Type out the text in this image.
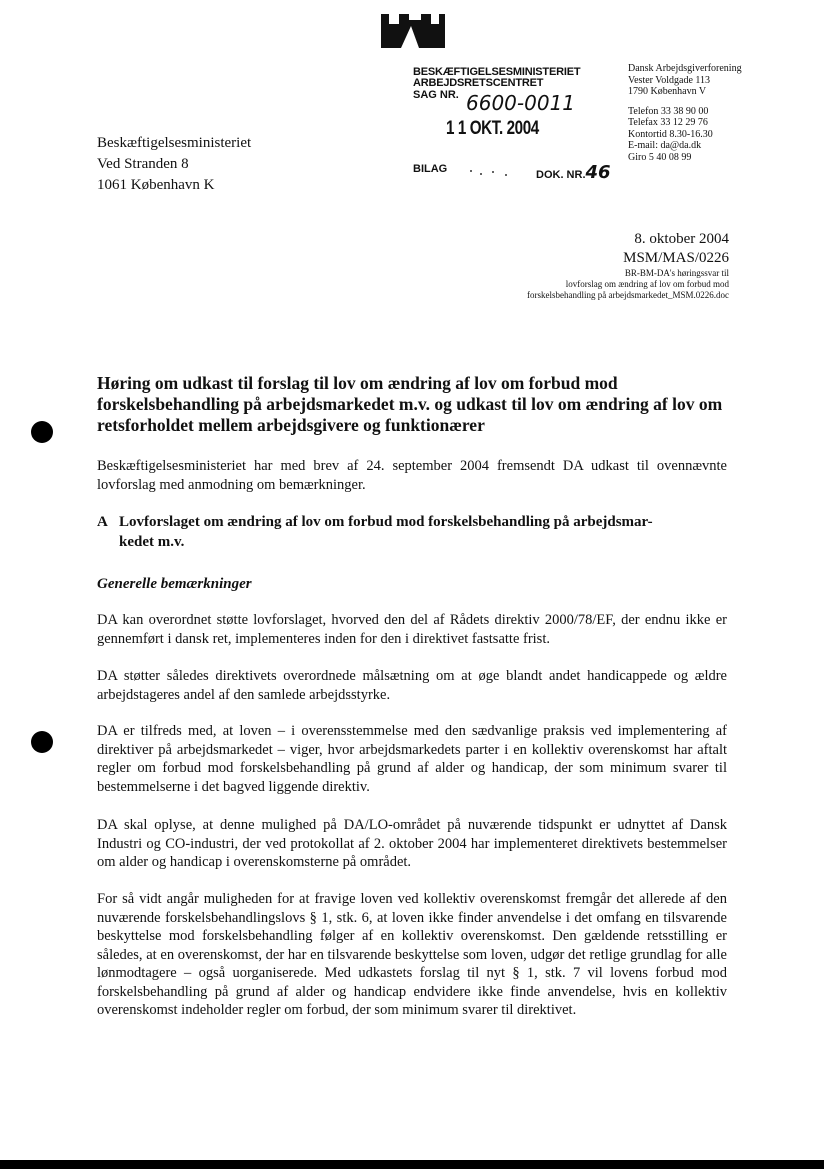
BESKÆFTIGELSESMINISTERIET
ARBEJDSRETSCENTRET
SAG NR. 6600-0011
1 1 OKT. 2004
BILAG	DOK. NR.46
Dansk Arbejdsgiverforening
Vester Voldgade 113
1790 København V
Telefon 33 38 90 00
Telefax 33 12 29 76
Kontortid 8.30-16.30
E-mail: da@da.dk
Giro 5 40 08 99
Beskæftigelsesministeriet
Ved Stranden 8
1061 København K
8. oktober 2004
MSM/MAS/0226
BR-BM-DA's høringssvar til
lovforslag om ændring af lov om forbud mod
forskelsbehandling på arbejdsmarkedet_MSM.0226.doc
Høring om udkast til forslag til lov om ændring af lov om forbud mod forskelsbehandling på arbejdsmarkedet m.v. og udkast til lov om ændring af lov om retsforholdet mellem arbejdsgivere og funktionærer
Beskæftigelsesministeriet har med brev af 24. september 2004 fremsendt DA udkast til ovennævnte lovforslag med anmodning om bemærkninger.
A Lovforslaget om ændring af lov om forbud mod forskelsbehandling på arbejdsmar-
kedet m.v.
Generelle bemærkninger
DA kan overordnet støtte lovforslaget, hvorved den del af Rådets direktiv 2000/78/EF, der endnu ikke er gennemført i dansk ret, implementeres inden for den i direktivet fastsatte frist.
DA støtter således direktivets overordnede målsætning om at øge blandt andet handicappede og ældre arbejdstageres andel af den samlede arbejdsstyrke.
DA er tilfreds med, at loven – i overensstemmelse med den sædvanlige praksis ved implementering af direktiver på arbejdsmarkedet – viger, hvor arbejdsmarkedets parter i en kollektiv overenskomst har aftalt regler om forbud mod forskelsbehandling på grund af alder og handicap, der som minimum svarer til bestemmelserne i det bagved liggende direktiv.
DA skal oplyse, at denne mulighed på DA/LO-området på nuværende tidspunkt er udnyttet af Dansk Industri og CO-industri, der ved protokollat af 2. oktober 2004 har implementeret direktivets bestemmelser om alder og handicap i overenskomsterne på området.
For så vidt angår muligheden for at fravige loven ved kollektiv overenskomst fremgår det allerede af den nuværende forskelsbehandlingslovs § 1, stk. 6, at loven ikke finder anvendelse i det omfang en tilsvarende beskyttelse mod forskelsbehandling følger af en kollektiv overenskomst. Den gældende retsstilling er således, at en overenskomst, der har en tilsvarende beskyttelse som loven, udgør det retlige grundlag for alle lønmodtagere – også uorganiserede. Med udkastets forslag til nyt § 1, stk. 7 vil lovens forbud mod forskelsbehandling på grund af alder og handicap endvidere ikke finde anvendelse, hvis en kollektiv overenskomst indeholder regler om forbud, der som minimum svarer til direktivet.
